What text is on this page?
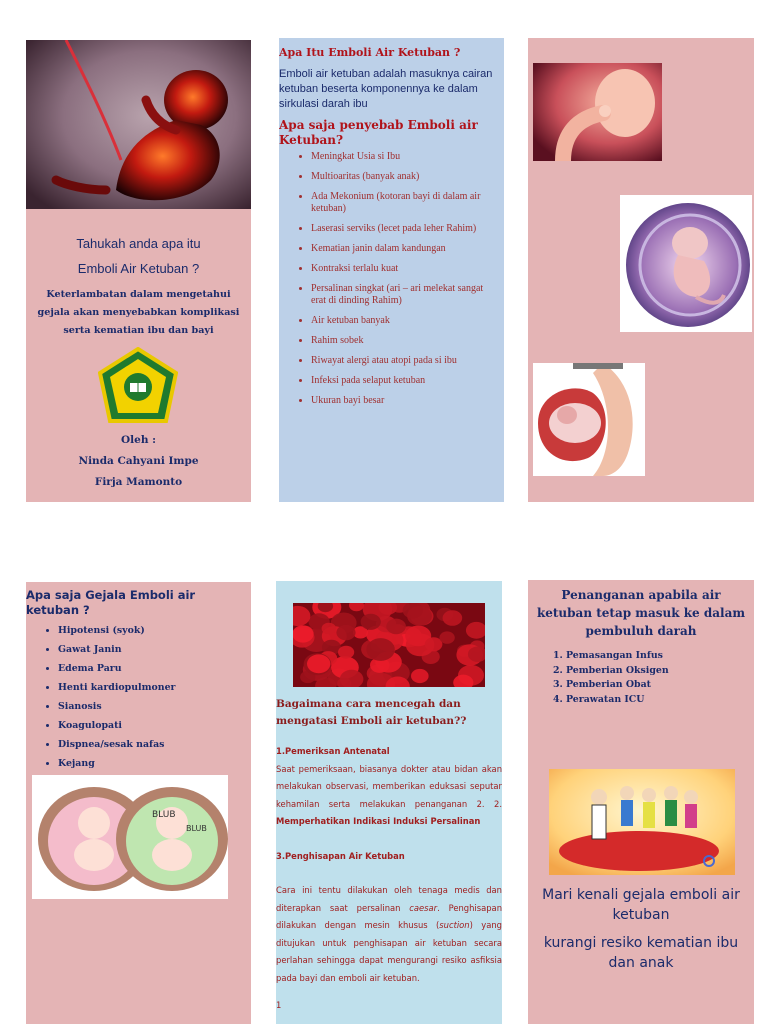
Tahukah anda apa itu
Emboli Air Ketuban ?
Keterlambatan dalam mengetahui gejala akan menyebabkan komplikasi serta kematian ibu dan bayi
Oleh :
Ninda Cahyani Impe
Firja Mamonto
Apa Itu Emboli Air Ketuban ?
Emboli air ketuban adalah masuknya cairan ketuban beserta komponennya ke dalam sirkulasi darah ibu
Apa saja penyebab Emboli air Ketuban?
• Meningkat Usia si Ibu
• Multioaritas (banyak anak)
• Ada Mekonium (kotoran bayi di dalam air ketuban)
• Laserasi serviks (lecet pada leher Rahim)
• Kematian janin dalam kandungan
• Kontraksi terlalu kuat
• Persalinan singkat (ari – ari melekat sangat erat di dinding Rahim)
• Air ketuban banyak
• Rahim sobek
• Riwayat alergi atau atopi pada si ibu
• Infeksi pada selaput ketuban
• Ukuran bayi besar
Apa saja Gejala Emboli air ketuban ?
• Hipotensi (syok)
• Gawat Janin
• Edema Paru
• Henti kardiopulmoner
• Sianosis
• Koagulopati
• Dispnea/sesak nafas
• Kejang
BLUB
BLUB
Bagaimana cara mencegah dan mengatasi Emboli air ketuban??

1.Pemeriksan Antenatal

Saat pemeriksaan, biasanya dokter atau bidan akan melakukan observasi, memberikan eduksasi seputar kehamilan serta melakukan penanganan 2. 2. Memperhatikan Indikasi Induksi Persalinan

3.Penghisapan Air Ketuban

Cara ini tentu dilakukan oleh tenaga medis dan diterapkan saat persalinan caesar. Penghisapan dilakukan dengan mesin khusus (suction) yang ditujukan untuk penghisapan air ketuban secara perlahan sehingga dapat mengurangi resiko asfiksia pada bayi dan emboli air ketuban.

1

Penanganan apabila air ketuban tetap masuk ke dalam pembuluh darah
1. Pemasangan Infus
2. Pemberian Oksigen
3. Pemberian Obat
4. Perawatan ICU
Mari kenali gejala emboli air ketuban
kurangi resiko kematian ibu dan anak
